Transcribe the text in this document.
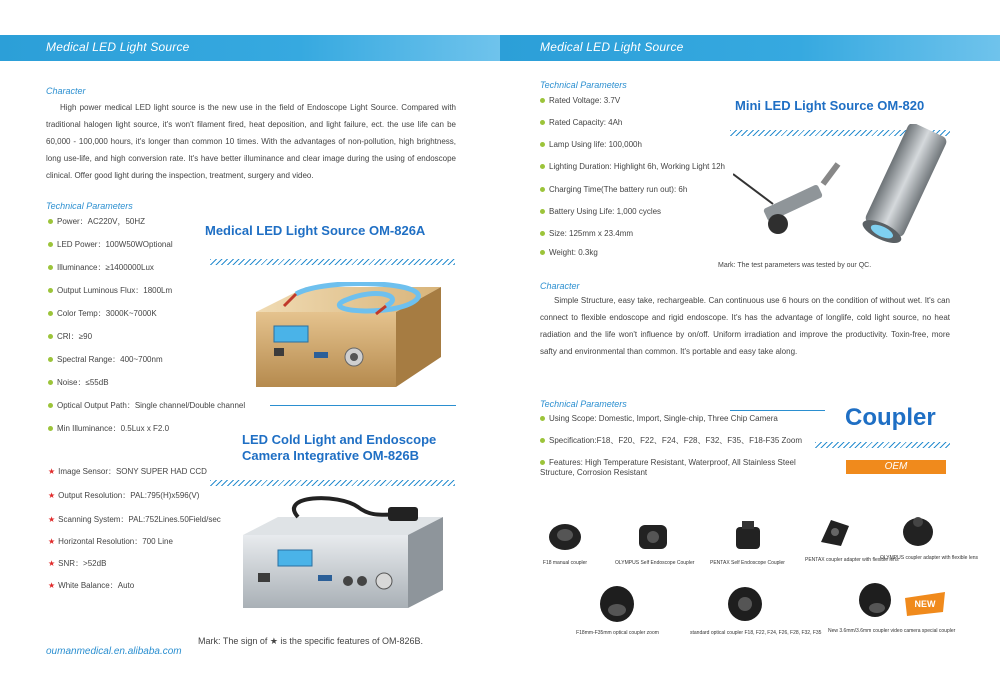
Medical LED Light Source
Character
High power medical LED light source is the new use in the field of Endoscope Light Source. Compared with traditional halogen light source, it's won't filament fired, heat deposition, and light failure, ect. the use life can be 60,000 - 100,000 hours, it's longer than common 10 times. With the advantages of non-pollution, high brightness, long use-life, and high conversion rate. It's have better illuminance and clear image during the using of endoscope clinical. Offer good light during the inspection, treatment, surgery and video.
Technical Parameters
Power：AC220V，50HZ
LED Power：100W50WOptional
Illuminance：≥1400000Lux
Output Luminous Flux：1800Lm
Color Temp：3000K~7000K
CRI：≥90
Spectral Range：400~700nm
Noise：≤55dB
Optical Output Path：Single channel/Double channel
Min Illuminance：0.5Lux x F2.0
Medical LED Light Source OM-826A
LED Cold Light and Endoscope
Camera Integrative OM-826B
★ Image Sensor：SONY SUPER HAD CCD
★ Output Resolution：PAL:795(H)x596(V)
★ Scanning System：PAL:752Lines.50Field/sec
★ Horizontal Resolution：700 Line
★ SNR：>52dB
★ White Balance：Auto
Mark: The sign of ★ is the specific features of OM-826B.
oumanmedical.en.alibaba.com
Medical LED Light Source
Technical Parameters
Rated Voltage: 3.7V
Rated Capacity: 4Ah
Lamp Using life: 100,000h
Lighting Duration: Highlight 6h, Working Light 12h
Charging Time(The battery run out): 6h
Battery Using Life: 1,000 cycles
Size: 125mm x 23.4mm
Weight: 0.3kg
Mini LED Light Source OM-820
Mark: The test parameters was tested by our QC.
Character
Simple Structure, easy take, rechargeable. Can continuous use 6 hours on the condition of without wet. It's can connect to flexible endoscope and rigid endoscope. It's has the advantage of longlife, cold light source, no heat radiation and the life won't influence by on/off. Uniform irradiation and improve the productivity. Toxin-free, more safty and environmental than common. It's portable and easy take along.
Technical Parameters
Using Scope: Domestic, Import, Single-chip, Three Chip Camera
Specification:F18、F20、F22、F24、F28、F32、F35、F18-F35 Zoom
Features: High Temperature Resistant, Waterproof, All Stainless Steel Structure, Corrosion Resistant
Coupler
OEM
F18 manual coupler	OLYMPUS Self Endoscope Coupler	PENTAX Self Endoscope Coupler	PENTAX coupler adapter with flexible lens
OLYMPUS coupler adapter with flexible lens
F18mm-F35mm optical coupler zoom	standard optical coupler F18, F22, F24, F26, F28, F32, F35 New 3.6mm/3.6mm coupler video camera special coupler
NEW
